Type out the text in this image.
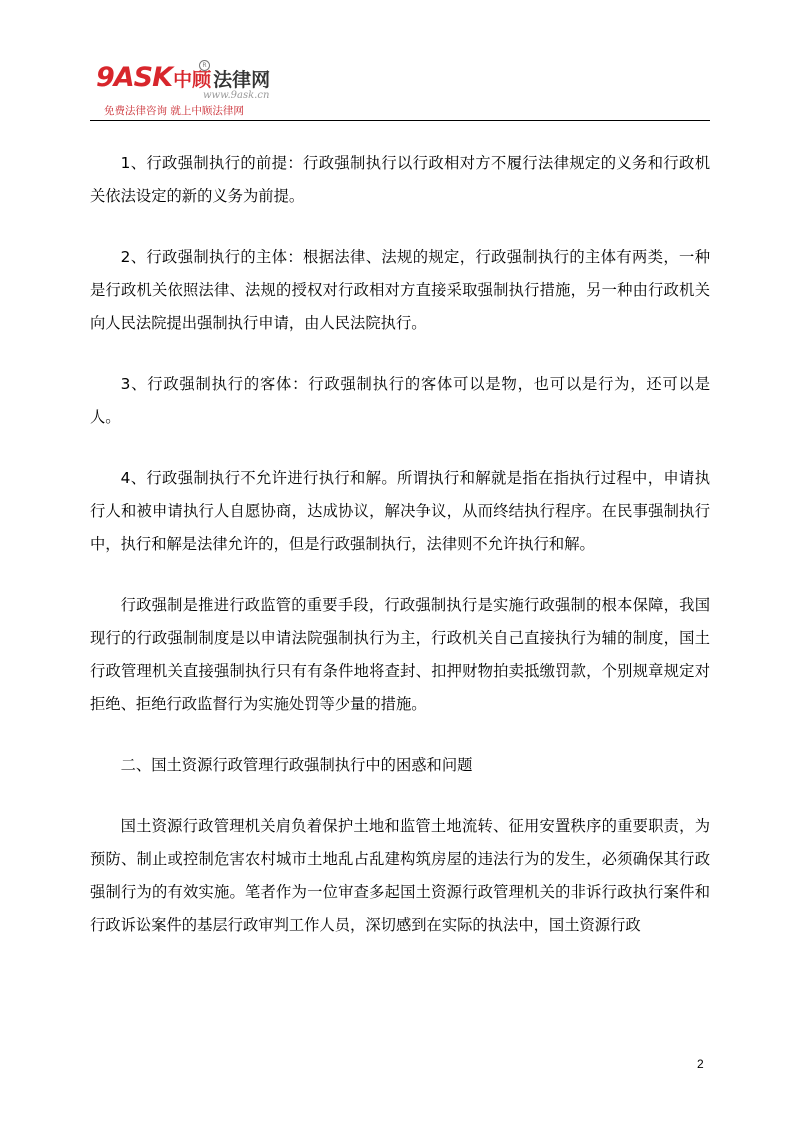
9ASK中顾 法律网
R
www.9ask.cn
免费法律咨询 就上中顾法律网

1、行政强制执行的前提：行政强制执行以行政相对方不履行法律规定的义务和行政机关依法设定的新的义务为前提。

2、行政强制执行的主体：根据法律、法规的规定，行政强制执行的主体有两类，一种是行政机关依照法律、法规的授权对行政相对方直接采取强制执行措施，另一种由行政机关向人民法院提出强制执行申请，由人民法院执行。

3、行政强制执行的客体：行政强制执行的客体可以是物，也可以是行为，还可以是人。

4、行政强制执行不允许进行执行和解。所谓执行和解就是指在指执行过程中，申请执行人和被申请执行人自愿协商，达成协议，解决争议，从而终结执行程序。在民事强制执行中，执行和解是法律允许的，但是行政强制执行，法律则不允许执行和解。

行政强制是推进行政监管的重要手段，行政强制执行是实施行政强制的根本保障，我国现行的行政强制制度是以申请法院强制执行为主，行政机关自己直接执行为辅的制度，国土行政管理机关直接强制执行只有有条件地将查封、扣押财物拍卖抵缴罚款，个别规章规定对拒绝、拒绝行政监督行为实施处罚等少量的措施。

二、国土资源行政管理行政强制执行中的困惑和问题

国土资源行政管理机关肩负着保护土地和监管土地流转、征用安置秩序的重要职责，为预防、制止或控制危害农村城市土地乱占乱建构筑房屋的违法行为的发生，必须确保其行政强制行为的有效实施。笔者作为一位审查多起国土资源行政管理机关的非诉行政执行案件和行政诉讼案件的基层行政审判工作人员，深切感到在实际的执法中，国土资源行政

2
